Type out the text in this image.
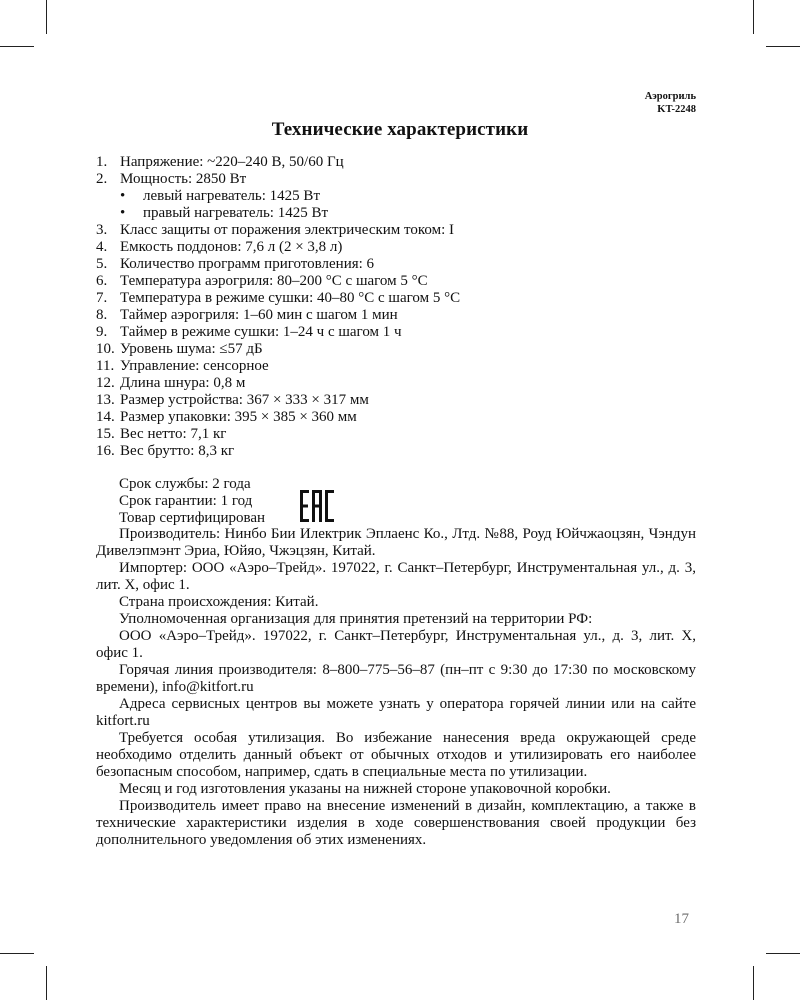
Аэрогриль
KT-2248
Технические характеристики
1. Напряжение: ~220–240 В, 50/60 Гц
2. Мощность: 2850 Вт
•	левый нагреватель: 1425 Вт
•	правый нагреватель: 1425 Вт
3. Класс защиты от поражения электрическим током: I
4. Емкость поддонов: 7,6 л (2 × 3,8 л)
5. Количество программ приготовления: 6
6. Температура аэрогриля: 80–200 °C с шагом 5 °C
7. Температура в режиме сушки: 40–80 °C с шагом 5 °C
8. Таймер аэрогриля: 1–60 мин с шагом 1 мин
9. Таймер в режиме сушки: 1–24 ч с шагом 1 ч
10. Уровень шума: ≤57 дБ
11. Управление: сенсорное
12. Длина шнура: 0,8 м
13. Размер устройства: 367 × 333 × 317 мм
14. Размер упаковки: 395 × 385 × 360 мм
15. Вес нетто: 7,1 кг
16. Вес брутто: 8,3 кг
Срок службы: 2 года
Срок гарантии: 1 год
Товар сертифицирован

Производитель: Нинбо Бии Илектрик Эплаенс Ко., Лтд. №88, Роуд Юйчжаоцзян, Чэндун Дивелэпмэнт Эриа, Юйяо, Чжэцзян, Китай.

Импортер: ООО «Аэро–Трейд». 197022, г. Санкт–Петербург, Инструментальная ул., д. 3, лит. Х, офис 1.

Страна происхождения: Китай.

Уполномоченная организация для принятия претензий на территории РФ:

ООО «Аэро–Трейд». 197022, г. Санкт–Петербург, Инструментальная ул., д. 3, лит. Х, офис 1.

Горячая линия производителя: 8–800–775–56–87 (пн–пт с 9:30 до 17:30 по московскому времени), info@kitfort.ru

Адреса сервисных центров вы можете узнать у оператора горячей линии или на сайте kitfort.ru

Требуется особая утилизация. Во избежание нанесения вреда окружающей среде необходимо отделить данный объект от обычных отходов и утилизировать его наиболее безопасным способом, например, сдать в специальные места по утилизации.

Месяц и год изготовления указаны на нижней стороне упаковочной коробки.

Производитель имеет право на внесение изменений в дизайн, комплектацию, а также в технические характеристики изделия в ходе совершенствования своей продукции без дополнительного уведомления об этих изменениях.

17
